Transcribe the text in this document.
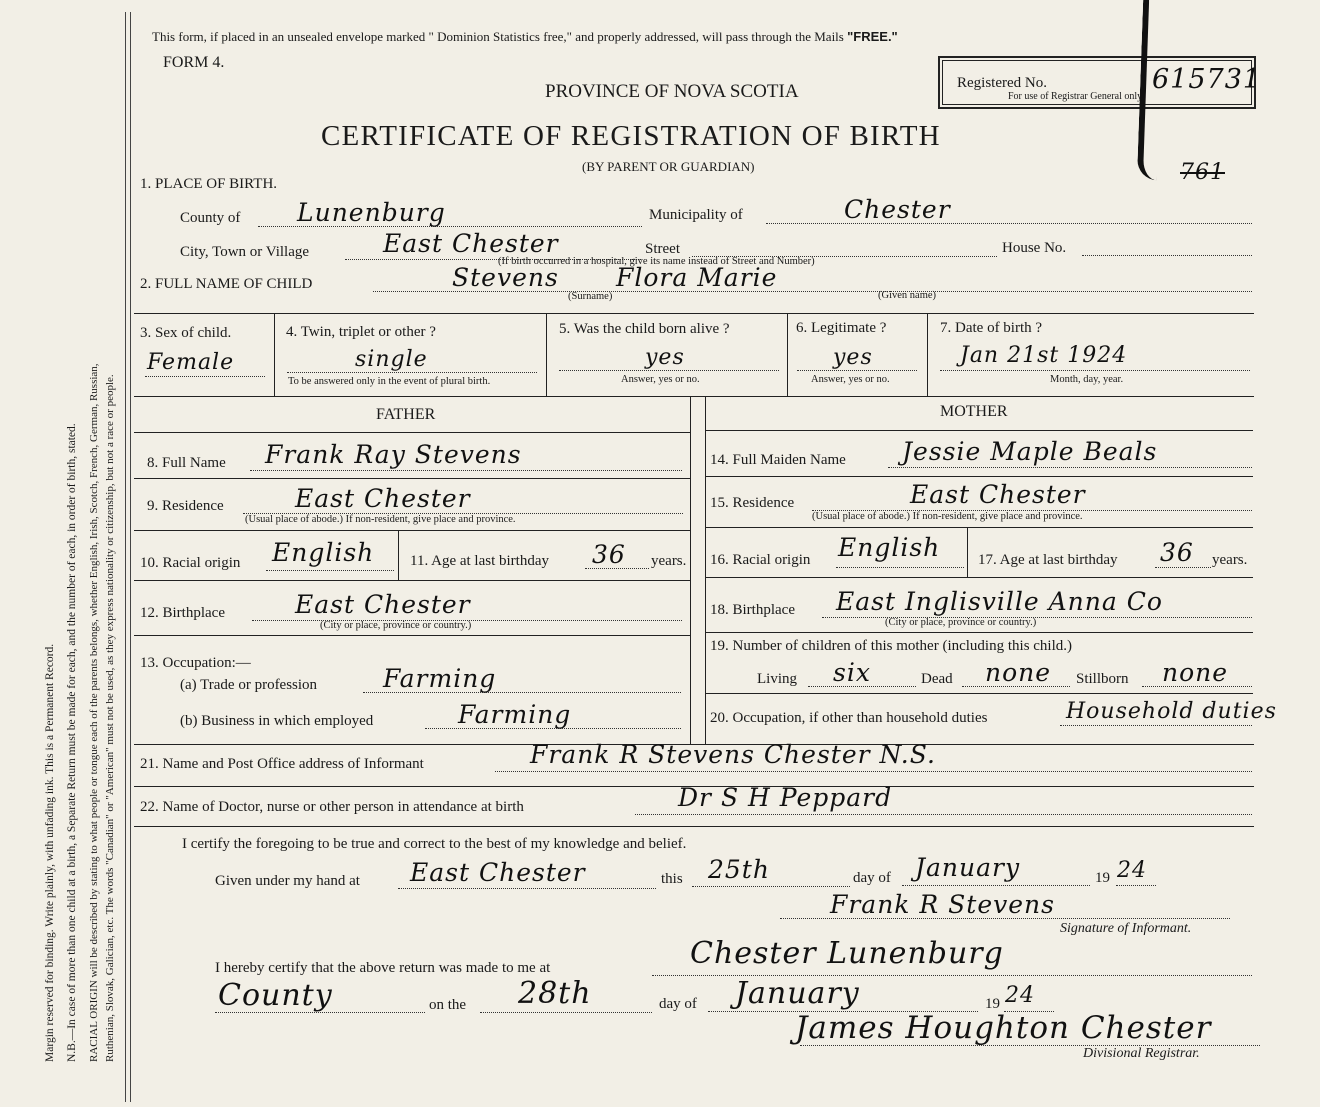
Margin reserved for binding. Write plainly, with unfading ink. This is a Permanent Record. N.B.—In case of more than one child at a birth, a Separate Return must be made for each, and the number of each, in order of birth, stated. RACIAL ORIGIN will be described by stating to what people or tongue each of the parents belongs, whether English, Irish, Scotch, French, German, Russian, Ruthenian, Slovak, Galician, etc. The words "Canadian" or "American" must not be used, as they express nationality or citizenship, but not a race or people.
This form, if placed in an unsealed envelope marked " Dominion Statistics free," and properly addressed, will pass through the Mails "FREE."
FORM 4.
PROVINCE OF NOVA SCOTIA
CERTIFICATE OF REGISTRATION OF BIRTH
(BY PARENT OR GUARDIAN)
Registered No.	615731
For use of Registrar General only.
761
1. PLACE OF BIRTH.
County of Lunenburg	Municipality of	Chester
City, Town or Village	East Chester	Street
(If birth occurred in a hospital, give its name instead of Street and Number)
House No.
2. FULL NAME OF CHILD	Stevens Flora Marie
(Surname)	(Given name)
3. Sex of child.
Female
4. Twin, triplet or other ?
single
To be answered only in the event of plural birth.
5. Was the child born alive ?
yes
Answer, yes or no.
6. Legitimate ?
yes
Answer, yes or no.
7. Date of birth ?
Jan 21st 1924
Month, day, year.
FATHER	MOTHER
8. Full Name Frank Ray Stevens
9. Residence	East Chester
(Usual place of abode.) If non-resident, give place and province.
10. Racial origin English 11. Age at last birthday 36 years.
12. Birthplace	East Chester
(City or place, province or country.)
13. Occupation:—
(a) Trade or profession	Farming
(b) Business in which employed	Farming
14. Full Maiden Name Jessie Maple Beals
15. Residence	East Chester
(Usual place of abode.) If non-resident, give place and province.
16. Racial origin English	17. Age at last birthday 36 years.
18. Birthplace East Inglisville Anna Co
(City or place, province or country.)
19. Number of children of this mother (including this child.)
Living six	Dead none Stillborn none
20. Occupation, if other than household duties	Household duties
21. Name and Post Office address of Informant	Frank R Stevens Chester N.S.
22. Name of Doctor, nurse or other person in attendance at birth	Dr S H Peppard
I certify the foregoing to be true and correct to the best of my knowledge and belief.
Given under my hand at East Chester	this 25th	day of January	19 24
Frank R Stevens
Signature of Informant.
I hereby certify that the above return was made to me at	Chester Lunenburg
County	on the 28th	day of January	19 24
James Houghton Chester
Divisional Registrar.
